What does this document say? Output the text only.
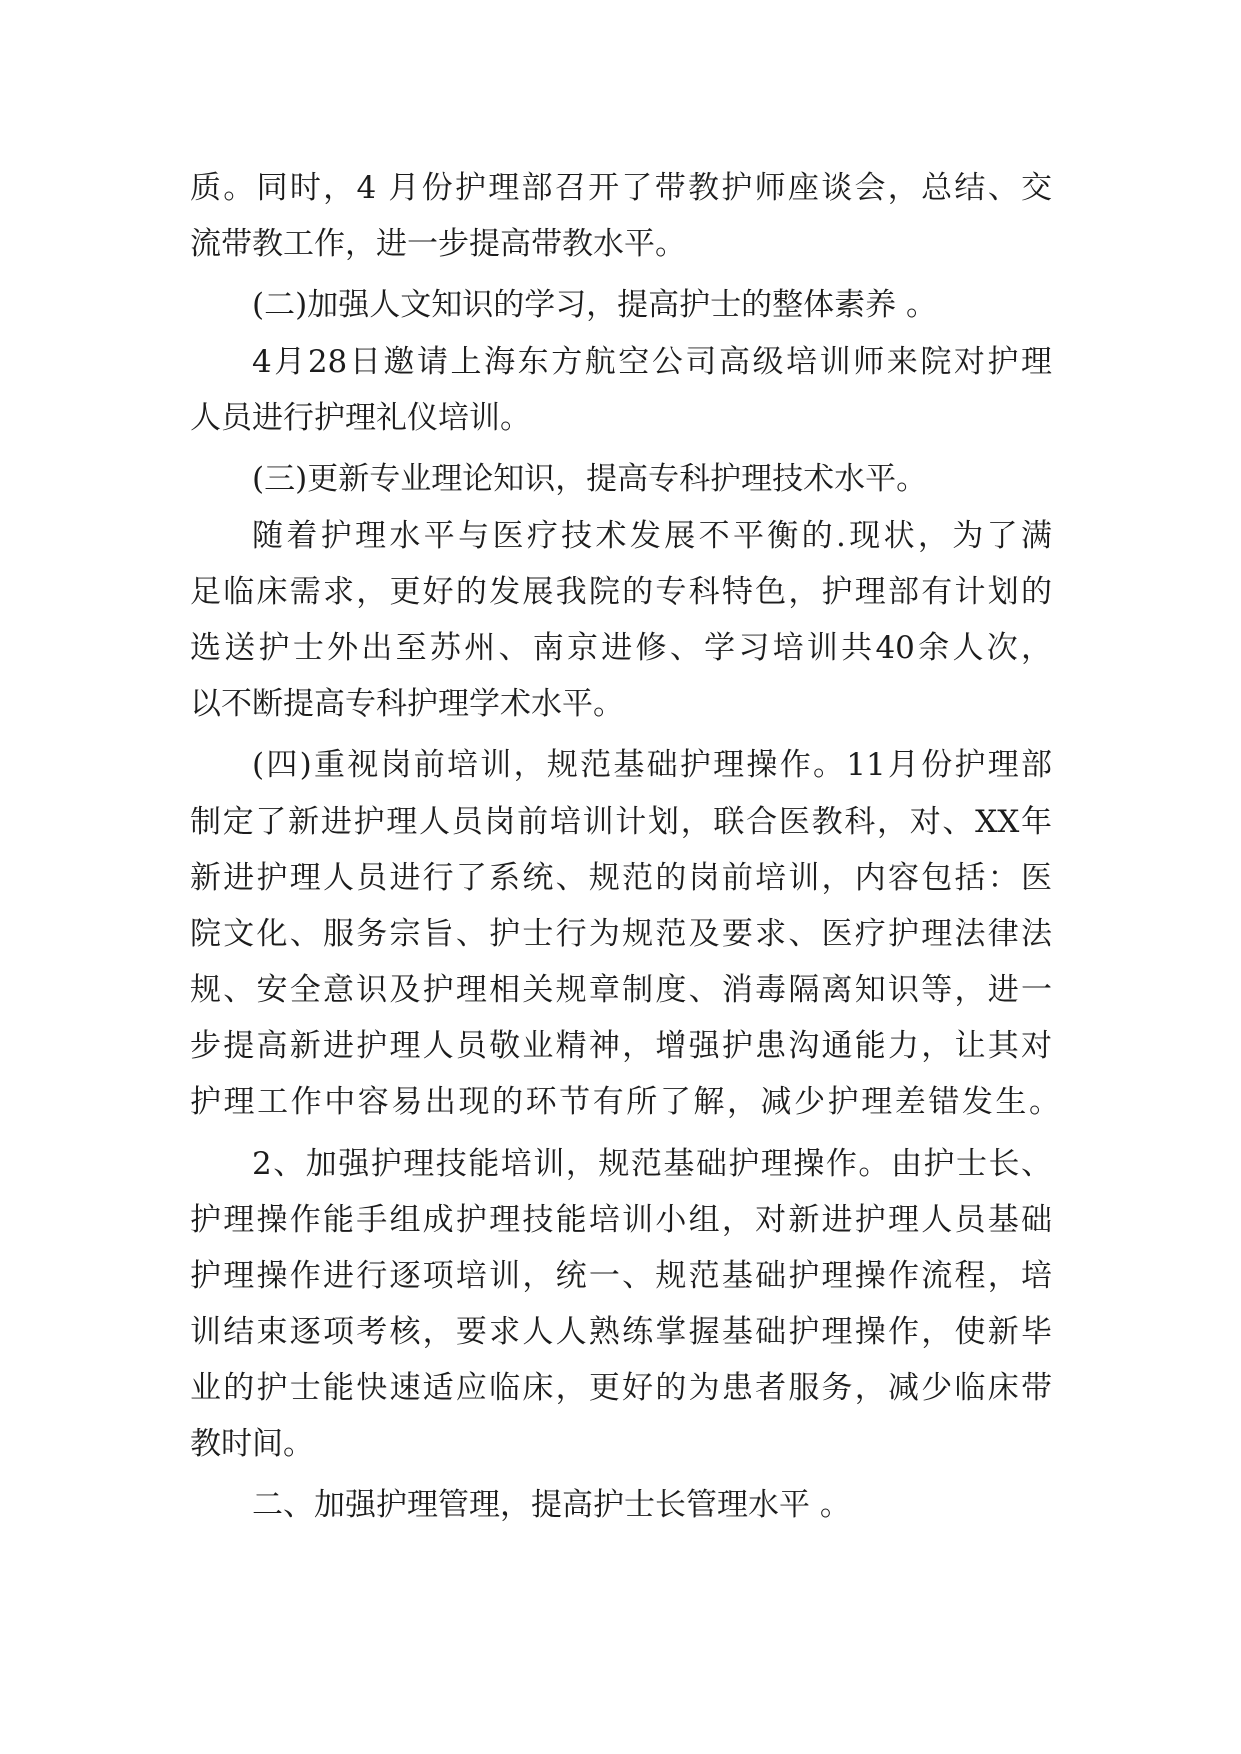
质。同时，4 月份护理部召开了带教护师座谈会，总结、交
流带教工作，进一步提高带教水平。
(二)加强人文知识的学习，提高护士的整体素养 。
4月28日邀请上海东方航空公司高级培训师来院对护理
人员进行护理礼仪培训。
(三)更新专业理论知识，提高专科护理技术水平。
随着护理水平与医疗技术发展不平衡的.现状，为了满
足临床需求，更好的发展我院的专科特色，护理部有计划的
选送护士外出至苏州、南京进修、学习培训共40余人次，
以不断提高专科护理学术水平。
(四)重视岗前培训，规范基础护理操作。11月份护理部
制定了新进护理人员岗前培训计划，联合医教科，对、XX年
新进护理人员进行了系统、规范的岗前培训，内容包括：医
院文化、服务宗旨、护士行为规范及要求、医疗护理法律法
规、安全意识及护理相关规章制度、消毒隔离知识等，进一
步提高新进护理人员敬业精神，增强护患沟通能力，让其对
护理工作中容易出现的环节有所了解，减少护理差错发生。
2、加强护理技能培训，规范基础护理操作。由护士长、
护理操作能手组成护理技能培训小组，对新进护理人员基础
护理操作进行逐项培训，统一、规范基础护理操作流程，培
训结束逐项考核，要求人人熟练掌握基础护理操作，使新毕
业的护士能快速适应临床，更好的为患者服务，减少临床带
教时间。
二、加强护理管理，提高护士长管理水平 。
